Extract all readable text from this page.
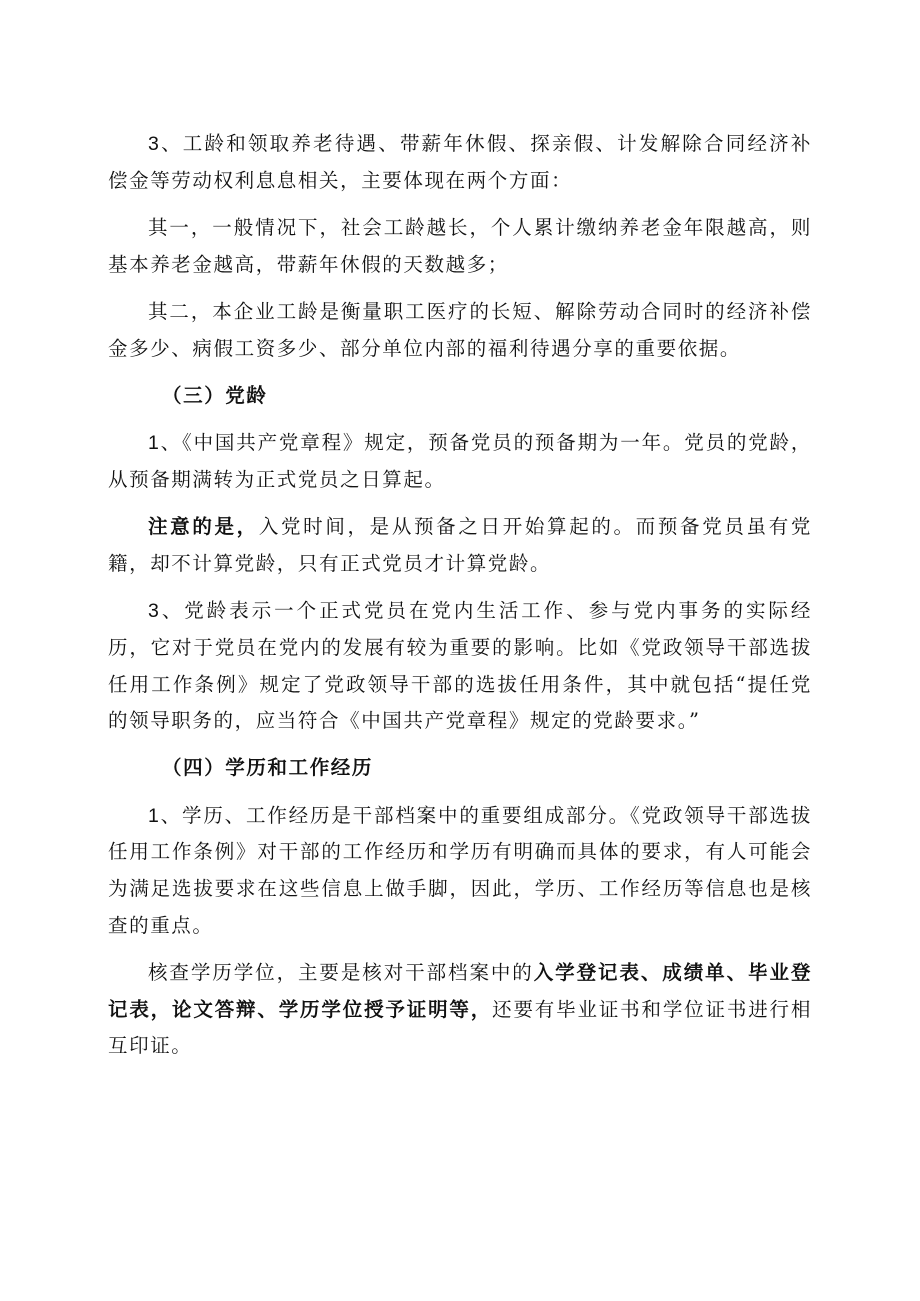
3、工龄和领取养老待遇、带薪年休假、探亲假、计发解除合同经济补偿金等劳动权利息息相关，主要体现在两个方面：

其一，一般情况下，社会工龄越长，个人累计缴纳养老金年限越高，则基本养老金越高，带薪年休假的天数越多；

其二，本企业工龄是衡量职工医疗的长短、解除劳动合同时的经济补偿金多少、病假工资多少、部分单位内部的福利待遇分享的重要依据。

（三）党龄

1、《中国共产党章程》规定，预备党员的预备期为一年。党员的党龄，从预备期满转为正式党员之日算起。

注意的是，入党时间，是从预备之日开始算起的。而预备党员虽有党籍，却不计算党龄，只有正式党员才计算党龄。

3、党龄表示一个正式党员在党内生活工作、参与党内事务的实际经历，它对于党员在党内的发展有较为重要的影响。比如《党政领导干部选拔任用工作条例》规定了党政领导干部的选拔任用条件，其中就包括“提任党的领导职务的，应当符合《中国共产党章程》规定的党龄要求。”

（四）学历和工作经历

1、学历、工作经历是干部档案中的重要组成部分。《党政领导干部选拔任用工作条例》对干部的工作经历和学历有明确而具体的要求，有人可能会为满足选拔要求在这些信息上做手脚，因此，学历、工作经历等信息也是核查的重点。

核查学历学位，主要是核对干部档案中的入学登记表、成绩单、毕业登记表，论文答辩、学历学位授予证明等，还要有毕业证书和学位证书进行相互印证。
